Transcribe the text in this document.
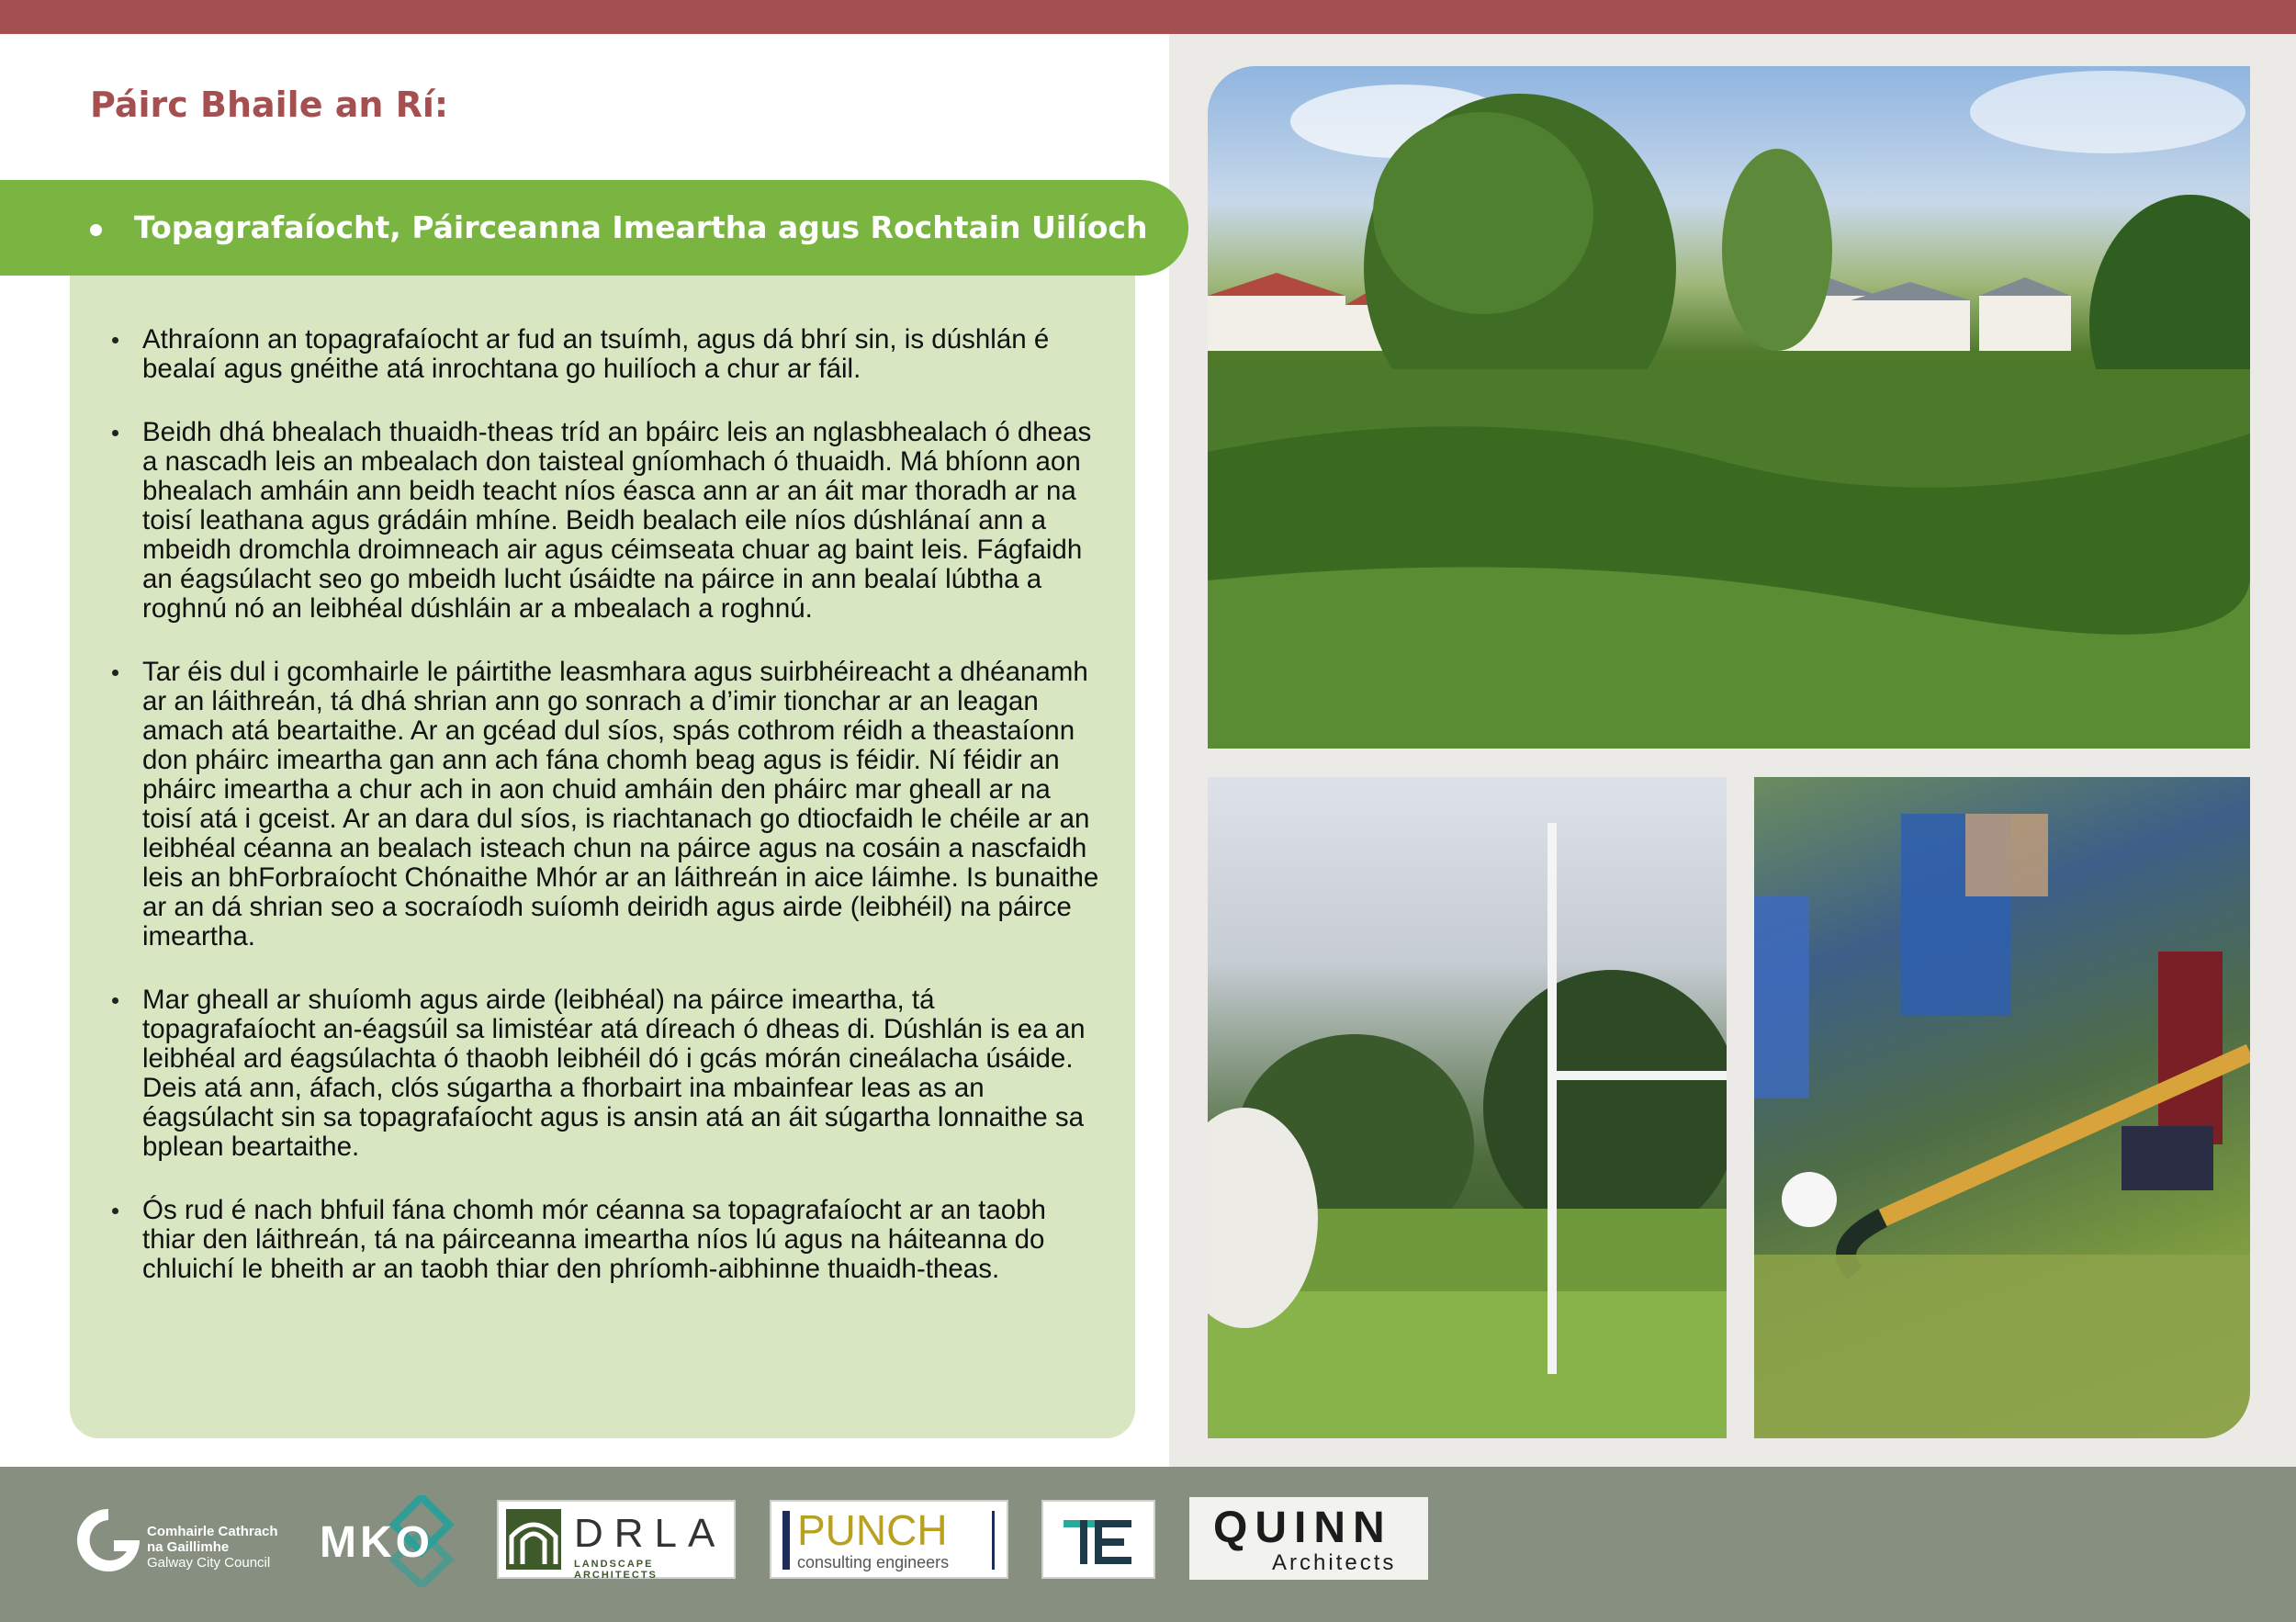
Páirc Bhaile an Rí:
Topagrafaíocht, Páirceanna Imeartha agus Rochtain Uilíoch
Athraíonn an topagrafaíocht ar fud an tsuímh, agus dá bhrí sin, is dúshlán é bealaí agus gnéithe atá inrochtana go huilíoch a chur ar fáil.
Beidh dhá bhealach thuaidh-theas tríd an bpáirc leis an nglasbhealach ó dheas a nascadh leis an mbealach don taisteal gníomhach ó thuaidh. Má bhíonn aon bhealach amháin ann beidh teacht níos éasca ann ar an áit mar thoradh ar na toisí leathana agus grádáin mhíne. Beidh bealach eile níos dúshlánaí ann a mbeidh dromchla droimneach air agus céimseata chuar ag baint leis. Fágfaidh an éagsúlacht seo go mbeidh lucht úsáidte na páirce in ann bealaí lúbtha a roghnú nó an leibhéal dúshláin ar a mbealach a roghnú.
Tar éis dul i gcomhairle le páirtithe leasmhara agus suirbhéireacht a dhéanamh ar an láithreán, tá dhá shrian ann go sonrach a d’imir tionchar ar an leagan amach atá beartaithe. Ar an gcéad dul síos, spás cothrom réidh a theastaíonn don pháirc imeartha gan ann ach fána chomh beag agus is féidir. Ní féidir an pháirc imeartha a chur ach in aon chuid amháin den pháirc mar gheall ar na toisí atá i gceist. Ar an dara dul síos, is riachtanach go dtiocfaidh le chéile ar an leibhéal céanna an bealach isteach chun na páirce agus na cosáin a nascfaidh leis an bhForbraíocht Chónaithe Mhór ar an láithreán in aice láimhe. Is bunaithe ar an dá shrian seo a socraíodh suíomh deiridh agus airde (leibhéil) na páirce imeartha.
Mar gheall ar shuíomh agus airde (leibhéal) na páirce imeartha, tá topagrafaíocht an-éagsúil sa limistéar atá díreach ó dheas di. Dúshlán is ea an leibhéal ard éagsúlachta ó thaobh leibhéil dó i gcás mórán cineálacha úsáide. Deis atá ann, áfach, clós súgartha a fhorbairt ina mbainfear leas as an éagsúlacht sin sa topagrafaíocht agus is ansin atá an áit súgartha lonnaithe sa bplean beartaithe.
Ós rud é nach bhfuil fána chomh mór céanna sa topagrafaíocht ar an taobh thiar den láithreán, tá na páirceanna imeartha níos lú agus na háiteanna do chluichí le bheith ar an taobh thiar den phríomh-aibhinne thuaidh-theas.
Comhairle Cathrach
na Gaillimhe
Galway City Council MKO	DRLA
LANDSCAPE ARCHITECTS
PUNCH
consulting engineers
QUINN
Architects
